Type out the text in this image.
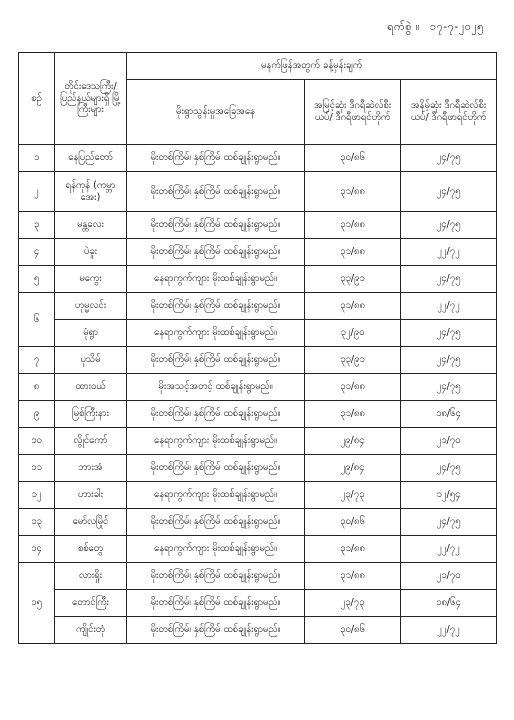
ရက်စွဲ ။ ၁၇-၇-၂၀၂၅
စဉ်	တိုင်းဒေသကြီး/ ပြည်နယ်များရှိ မြို့ကြီးများ	မနက်ဖြန်အတွက် ခန့်မှန်းချက်		
		မိုးရွာသွန်းမှုအခြေအနေ	အမြင့်ဆုံး ဒီဂရီဆဲလ်စီးယပ်/ ဒီဂရီဖာရင်ဟိုက်	အနိမ့်ဆုံး ဒီဂရီဆဲလ်စီးယပ်/ ဒီဂရီဖာရင်ဟိုက်
၁	နေပြည်တော်	မိုးတစ်ကြိမ်၊ နှစ်ကြိမ် ထစ်ချုန်းရွာမည်။	၃၀/၈၆	၂၄/၇၅
၂	ရန်ကုန် (ကမ္ဘာအေး)	မိုးတစ်ကြိမ်၊ နှစ်ကြိမ် ထစ်ချုန်းရွာမည်။	၃၁/၈၈	၂၄/၇၅
၃	မန္တလေး	မိုးတစ်ကြိမ်၊ နှစ်ကြိမ် ထစ်ချုန်းရွာမည်။	၃၁/၈၈	၂၄/၇၅
၄	ပဲခူး	မိုးတစ်ကြိမ်၊ နှစ်ကြိမ် ထစ်ချုန်းရွာမည်။	၃၁/၈၈	၂၂/၇၂
၅	မကွေး	နေရာကွက်ကျား မိုးထစ်ချုန်းရွာမည်။	၃၃/၉၁	၂၄/၇၅
၆	ဟုမ္မလင်း	မိုးတစ်ကြိမ်၊ နှစ်ကြိမ် ထစ်ချုန်းရွာမည်။	၃၁/၈၈	၂၂/၇၂
	မုံရွာ	နေရာကွက်ကျား မိုးထစ်ချုန်းရွာမည်။	၃၂/၉၀	၂၄/၇၅
၇	ပုသိမ်	မိုးတစ်ကြိမ်၊ နှစ်ကြိမ် ထစ်ချုန်းရွာမည်။	၃၃/၉၁	၂၄/၇၅
၈	ထားဝယ်	မိုးအသင့်အတင့် ထစ်ချုန်းရွာမည်။	၃၁/၈၈	၂၄/၇၅
၉	မြစ်ကြီးနား	မိုးတစ်ကြိမ်၊ နှစ်ကြိမ် ထစ်ချုန်းရွာမည်။	၃၁/၈၈	၁၈/၆၄
၁၀	လွိုင်ကော်	နေရာကွက်ကျား မိုးထစ်ချုန်းရွာမည်။	၂၉/၈၄	၂၁/၇၀
၁၁	ဘားအံ	မိုးတစ်ကြိမ်၊ နှစ်ကြိမ် ထစ်ချုန်းရွာမည်။	၂၉/၈၄	၂၄/၇၅
၁၂	ဟားခါး	နေရာကွက်ကျား မိုးထစ်ချုန်းရွာမည်။	၂၃/၇၃	၁၂/၅၄
၁၃	မော်လမြိုင်	မိုးတစ်ကြိမ်၊ နှစ်ကြိမ် ထစ်ချုန်းရွာမည်။	၃၀/၈၆	၂၄/၇၅
၁၄	စစ်တွေ	နေရာကွက်ကျား မိုးထစ်ချုန်းရွာမည်။	၃၁/၈၈	၂၂/၇၂
၁၅	လားရှိုး	မိုးတစ်ကြိမ်၊ နှစ်ကြိမ် ထစ်ချုန်းရွာမည်။	၃၁/၈၈	၂၁/၇၀
	တောင်ကြီး	မိုးတစ်ကြိမ်၊ နှစ်ကြိမ် ထစ်ချုန်းရွာမည်။	၂၃/၇၃	၁၈/၆၄
	ကျိုင်းတုံ	မိုးတစ်ကြိမ်၊ နှစ်ကြိမ် ထစ်ချုန်းရွာမည်။	၃၀/၈၆	၂၂/၇၂
